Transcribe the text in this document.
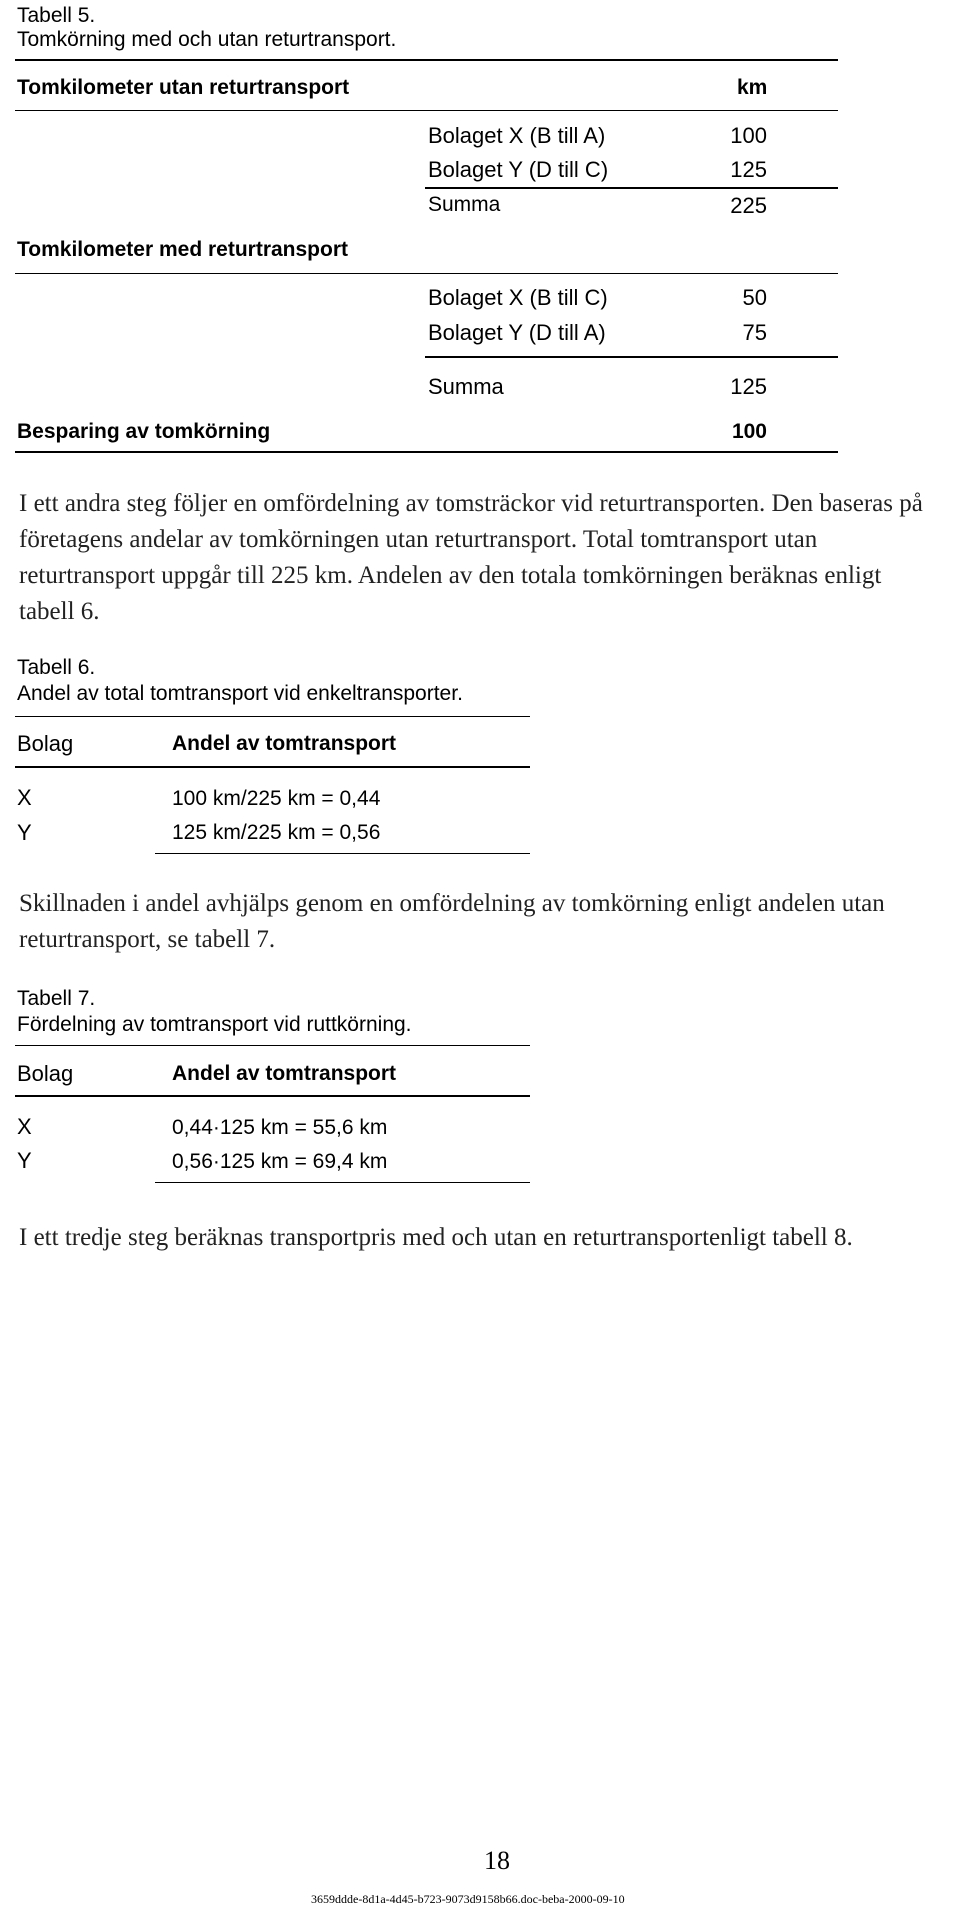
Tabell 5.
Tomkörning med och utan returtransport.
Tomkilometer utan returtransport	km
Bolaget X (B till A)	100
Bolaget Y (D till C)	125
Summa	225
Tomkilometer med returtransport
Bolaget X (B till C)	50
Bolaget Y (D till A)	75
Summa	125
Besparing av tomkörning	100
I ett andra steg följer en omfördelning av tomsträckor vid returtransporten. Den baseras på företagens andelar av tomkörningen utan returtransport. Total tomtransport utan returtransport uppgår till 225 km. Andelen av den totala tomkörningen beräknas enligt tabell 6.
Tabell 6.
Andel av total tomtransport vid enkeltransporter.
Bolag	Andel av tomtransport
X	100 km/225 km = 0,44
Y	125 km/225 km = 0,56
Skillnaden i andel avhjälps genom en omfördelning av tomkörning enligt andelen utan returtransport, se tabell 7.
Tabell 7.
Fördelning av tomtransport vid ruttkörning.
Bolag	Andel av tomtransport
X	0,44·125 km = 55,6 km
Y	0,56·125 km = 69,4 km
I ett tredje steg beräknas transportpris med och utan en returtransportenligt tabell 8.
18
3659ddde-8d1a-4d45-b723-9073d9158b66.doc-beba-2000-09-10
